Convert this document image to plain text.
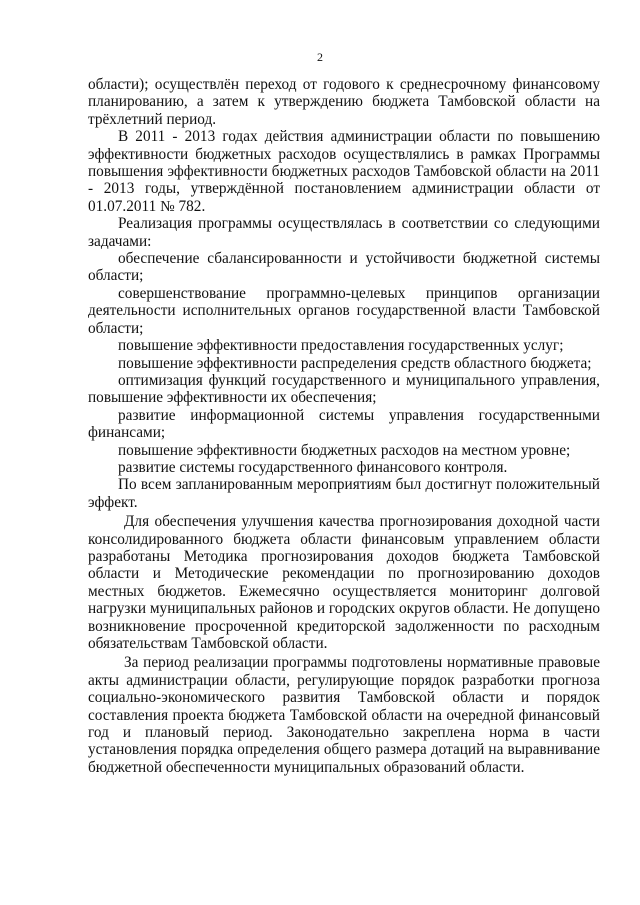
2

области); осуществлён переход от годового к среднесрочному финансовому планированию, а затем к утверждению бюджета Тамбовской области на трёхлетний период.

В 2011 - 2013 годах действия администрации области по повышению эффективности бюджетных расходов осуществлялись в рамках Программы повышения эффективности бюджетных расходов Тамбовской области на 2011 - 2013 годы, утверждённой постановлением администрации области от 01.07.2011 № 782.

Реализация программы осуществлялась в соответствии со следующими задачами:

обеспечение сбалансированности и устойчивости бюджетной системы области;

совершенствование программно-целевых принципов организации деятельности исполнительных органов государственной власти Тамбовской области;

повышение эффективности предоставления государственных услуг;

повышение эффективности распределения средств областного бюджета;

оптимизация функций государственного и муниципального управления, повышение эффективности их обеспечения;

развитие информационной системы управления государственными финансами;

повышение эффективности бюджетных расходов на местном уровне;

развитие системы государственного финансового контроля.

По всем запланированным мероприятиям был достигнут положительный эффект.

Для обеспечения улучшения качества прогнозирования доходной части консолидированного бюджета области финансовым управлением области разработаны Методика прогнозирования доходов бюджета Тамбовской области и Методические рекомендации по прогнозированию доходов местных бюджетов. Ежемесячно осуществляется мониторинг долговой нагрузки муниципальных районов и городских округов области. Не допущено возникновение просроченной кредиторской задолженности по расходным обязательствам Тамбовской области.

За период реализации программы подготовлены нормативные правовые акты администрации области, регулирующие порядок разработки прогноза социально-экономического развития Тамбовской области и порядок составления проекта бюджета Тамбовской области на очередной финансовый год и плановый период. Законодательно закреплена норма в части установления порядка определения общего размера дотаций на выравнивание бюджетной обеспеченности муниципальных образований области.
